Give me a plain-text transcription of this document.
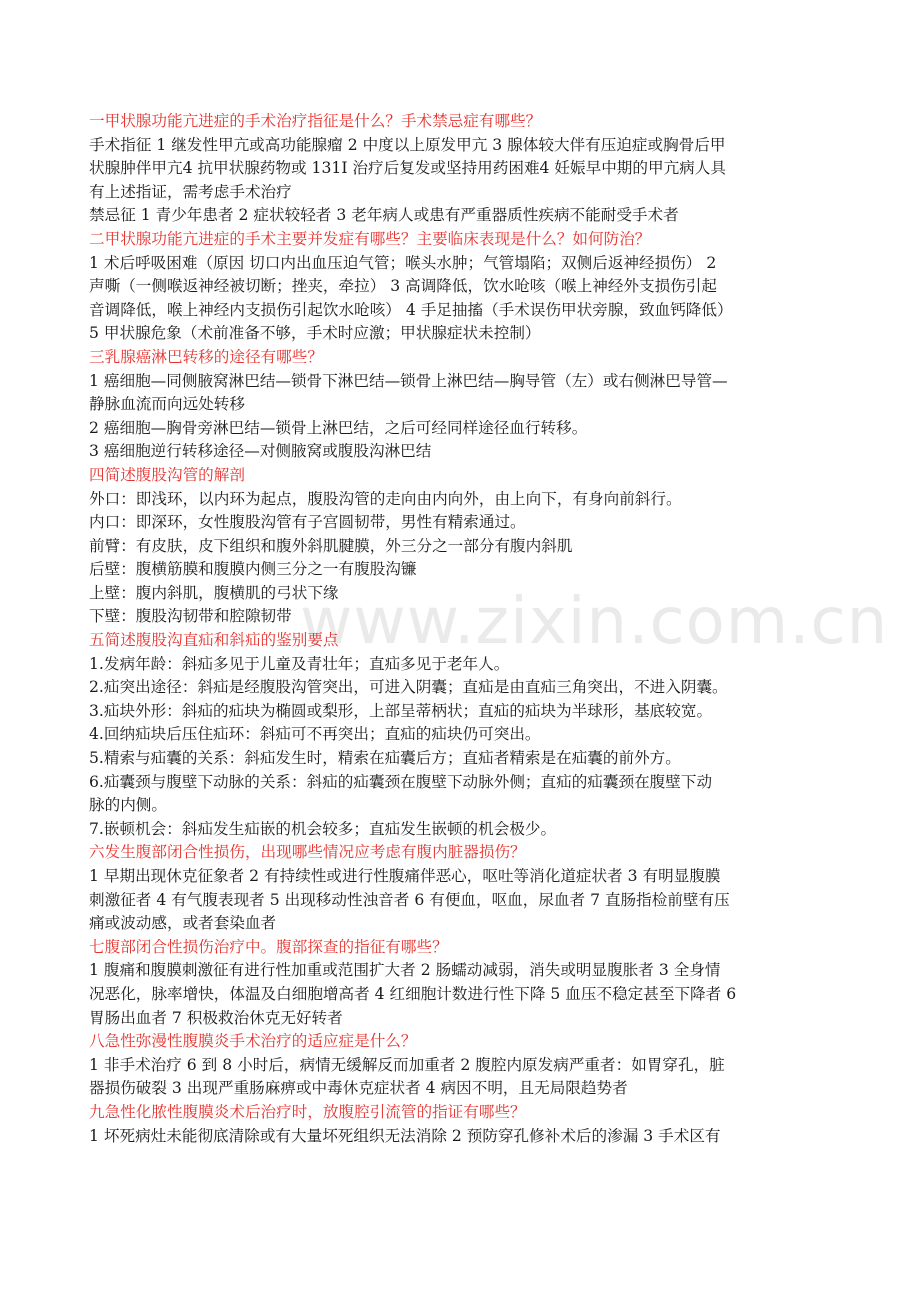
www.zixin.com.cn

一甲状腺功能亢进症的手术治疗指征是什么？手术禁忌症有哪些？

手术指征 1 继发性甲亢或高功能腺瘤 2 中度以上原发甲亢 3 腺体较大伴有压迫症或胸骨后甲

状腺肿伴甲亢4 抗甲状腺药物或 131I 治疗后复发或坚持用药困难4 妊娠早中期的甲亢病人具

有上述指证，需考虑手术治疗

禁忌征 1 青少年患者 2 症状较轻者 3 老年病人或患有严重器质性疾病不能耐受手术者

二甲状腺功能亢进症的手术主要并发症有哪些？主要临床表现是什么？如何防治？

1 术后呼吸困难（原因 切口内出血压迫气管；喉头水肿；气管塌陷；双侧后返神经损伤） 2

声嘶（一侧喉返神经被切断；挫夹，牵拉） 3 高调降低，饮水呛咳（喉上神经外支损伤引起

音调降低，喉上神经内支损伤引起饮水呛咳） 4 手足抽搐（手术误伤甲状旁腺，致血钙降低）

5 甲状腺危象（术前准备不够，手术时应激；甲状腺症状未控制）

三乳腺癌淋巴转移的途径有哪些？

1 癌细胞—同侧腋窝淋巴结—锁骨下淋巴结—锁骨上淋巴结—胸导管（左）或右侧淋巴导管—

静脉血流而向远处转移

2 癌细胞—胸骨旁淋巴结—锁骨上淋巴结，之后可经同样途径血行转移。

3 癌细胞逆行转移途径—对侧腋窝或腹股沟淋巴结

四简述腹股沟管的解剖

外口：即浅环，以内环为起点，腹股沟管的走向由内向外，由上向下，有身向前斜行。

内口：即深环，女性腹股沟管有子宫圆韧带，男性有精索通过。

前臂：有皮肤，皮下组织和腹外斜肌腱膜，外三分之一部分有腹内斜肌

后壁：腹横筋膜和腹膜内侧三分之一有腹股沟镰

上壁：腹内斜肌，腹横肌的弓状下缘

下壁：腹股沟韧带和腔隙韧带

五简述腹股沟直疝和斜疝的鉴别要点

1.发病年龄：斜疝多见于儿童及青壮年；直疝多见于老年人。

2.疝突出途径：斜疝是经腹股沟管突出，可进入阴囊；直疝是由直疝三角突出，不进入阴囊。

3.疝块外形：斜疝的疝块为椭圆或梨形，上部呈蒂柄状；直疝的疝块为半球形，基底较宽。

4.回纳疝块后压住疝环：斜疝可不再突出；直疝的疝块仍可突出。

5.精索与疝囊的关系：斜疝发生时，精索在疝囊后方；直疝者精索是在疝囊的前外方。

6.疝囊颈与腹壁下动脉的关系：斜疝的疝囊颈在腹壁下动脉外侧；直疝的疝囊颈在腹壁下动

脉的内侧。

7.嵌顿机会：斜疝发生疝嵌的机会较多；直疝发生嵌顿的机会极少。

六发生腹部闭合性损伤，出现哪些情况应考虑有腹内脏器损伤？

1 早期出现休克征象者 2 有持续性或进行性腹痛伴恶心，呕吐等消化道症状者 3 有明显腹膜

刺激征者 4 有气腹表现者 5 出现移动性浊音者 6 有便血，呕血，尿血者 7 直肠指检前壁有压

痛或波动感，或者套染血者

七腹部闭合性损伤治疗中。腹部探查的指征有哪些？

1 腹痛和腹膜刺激征有进行性加重或范围扩大者 2 肠蠕动减弱，消失或明显腹胀者 3 全身情

况恶化，脉率增快，体温及白细胞增高者 4 红细胞计数进行性下降 5 血压不稳定甚至下降者 6

胃肠出血者 7 积极救治休克无好转者

八急性弥漫性腹膜炎手术治疗的适应症是什么？

1 非手术治疗 6 到 8 小时后，病情无缓解反而加重者 2 腹腔内原发病严重者：如胃穿孔，脏

器损伤破裂 3 出现严重肠麻痹或中毒休克症状者 4 病因不明，且无局限趋势者

九急性化脓性腹膜炎术后治疗时，放腹腔引流管的指证有哪些？

1 坏死病灶未能彻底清除或有大量坏死组织无法消除 2 预防穿孔修补术后的渗漏 3 手术区有
